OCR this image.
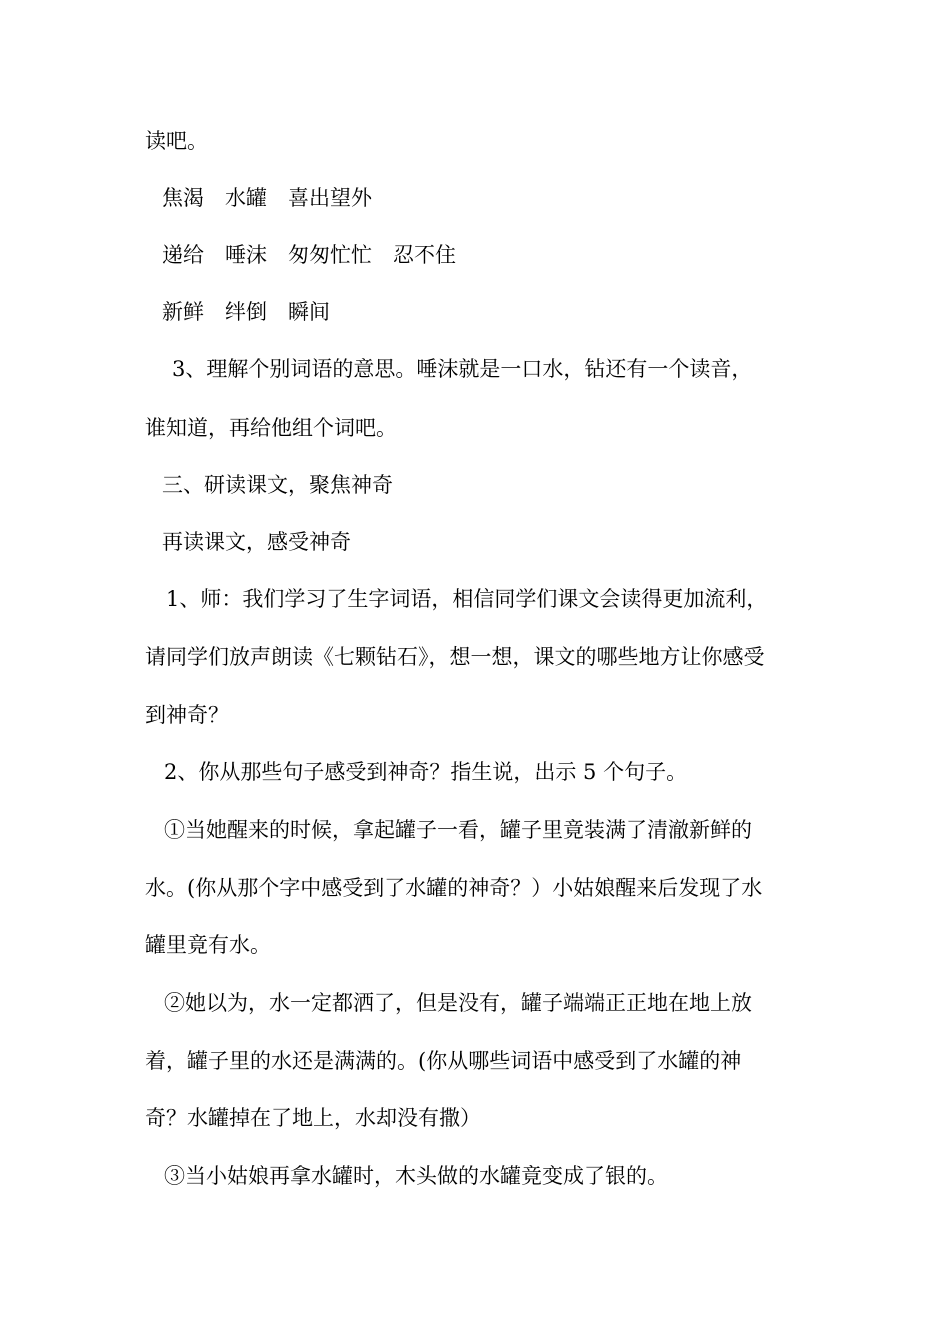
读吧。
焦渴　水罐　喜出望外
递给　唾沫　匆匆忙忙　忍不住
新鲜　绊倒　瞬间
3、理解个别词语的意思。唾沫就是一口水，钻还有一个读音，
谁知道，再给他组个词吧。
三、研读课文，聚焦神奇
再读课文，感受神奇
1、师：我们学习了生字词语，相信同学们课文会读得更加流利，
请同学们放声朗读《七颗钻石》，想一想，课文的哪些地方让你感受
到神奇？
2、你从那些句子感受到神奇？指生说，出示 5 个句子。
①当她醒来的时候，拿起罐子一看，罐子里竟装满了清澈新鲜的
水。(你从那个字中感受到了水罐的神奇？）小姑娘醒来后发现了水
罐里竟有水。
②她以为，水一定都洒了，但是没有，罐子端端正正地在地上放
着，罐子里的水还是满满的。(你从哪些词语中感受到了水罐的神
奇？水罐掉在了地上，水却没有撒）
③当小姑娘再拿水罐时，木头做的水罐竟变成了银的。
